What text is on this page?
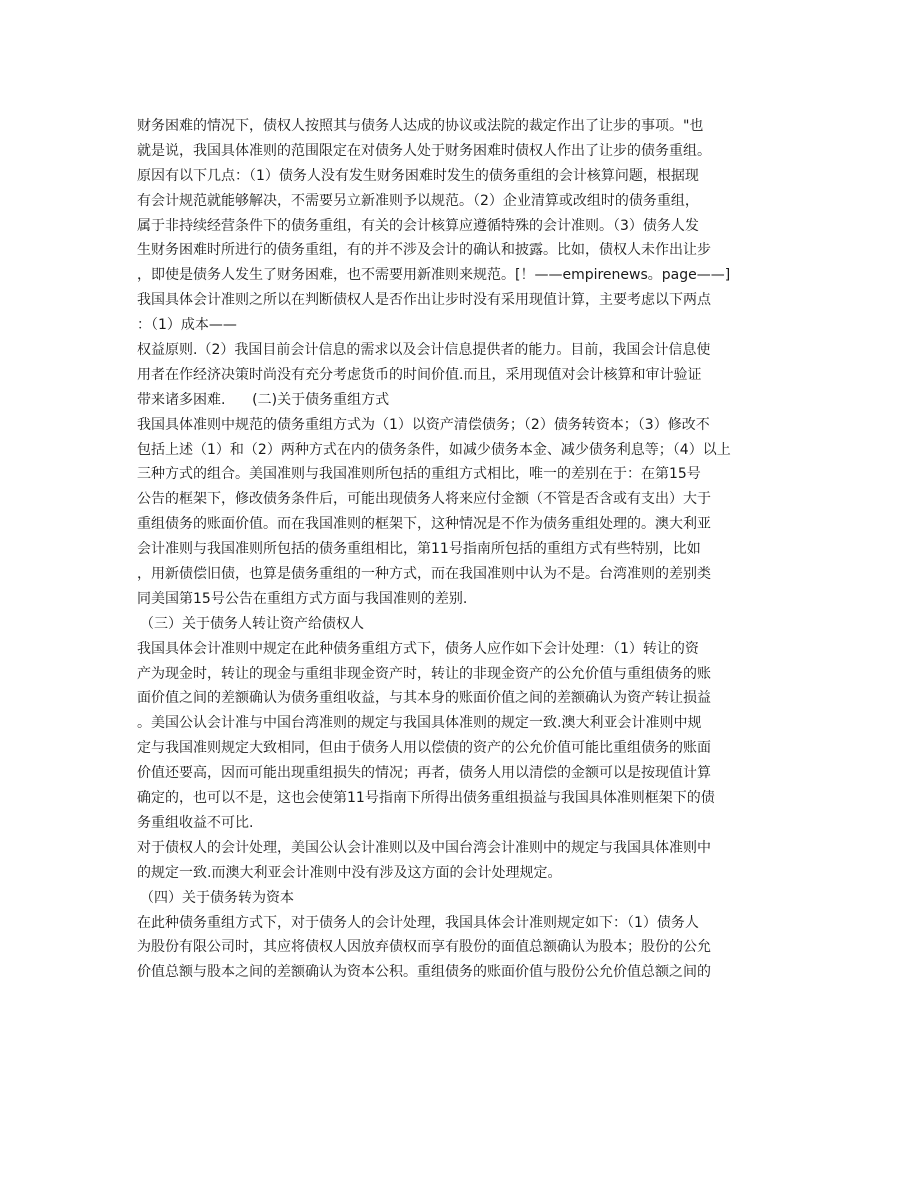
财务困难的情况下，债权人按照其与债务人达成的协议或法院的裁定作出了让步的事项。"也
就是说，我国具体准则的范围限定在对债务人处于财务困难时债权人作出了让步的债务重组。
原因有以下几点：（1）债务人没有发生财务困难时发生的债务重组的会计核算问题，根据现
有会计规范就能够解决，不需要另立新准则予以规范。（2）企业清算或改组时的债务重组，
属于非持续经营条件下的债务重组，有关的会计核算应遵循特殊的会计准则。（3）债务人发
生财务困难时所进行的债务重组，有的并不涉及会计的确认和披露。比如，债权人未作出让步
，即使是债务人发生了财务困难，也不需要用新准则来规范。[！——empirenews。page——]
我国具体会计准则之所以在判断债权人是否作出让步时没有采用现值计算，主要考虑以下两点
：（1）成本——
权益原则.（2）我国目前会计信息的需求以及会计信息提供者的能力。目前，我国会计信息使
用者在作经济决策时尚没有充分考虑货币的时间价值.而且，采用现值对会计核算和审计验证
带来诸多困难.      (二)关于债务重组方式
我国具体准则中规范的债务重组方式为（1）以资产清偿债务；（2）债务转资本；（3）修改不
包括上述（1）和（2）两种方式在内的债务条件，如减少债务本金、减少债务利息等；（4）以上
三种方式的组合。美国准则与我国准则所包括的重组方式相比，唯一的差别在于：在第15号
公告的框架下，修改债务条件后，可能出现债务人将来应付金额（不管是否含或有支出）大于
重组债务的账面价值。而在我国准则的框架下，这种情况是不作为债务重组处理的。澳大利亚
会计准则与我国准则所包括的债务重组相比，第11号指南所包括的重组方式有些特别，比如
，用新债偿旧债，也算是债务重组的一种方式，而在我国准则中认为不是。台湾准则的差别类
同美国第15号公告在重组方式方面与我国准则的差别.
（三）关于债务人转让资产给债权人
我国具体会计准则中规定在此种债务重组方式下，债务人应作如下会计处理：（1）转让的资
产为现金时，转让的现金与重组非现金资产时，转让的非现金资产的公允价值与重组债务的账
面价值之间的差额确认为债务重组收益，与其本身的账面价值之间的差额确认为资产转让损益
。美国公认会计准与中国台湾准则的规定与我国具体准则的规定一致.澳大利亚会计准则中规
定与我国准则规定大致相同，但由于债务人用以偿债的资产的公允价值可能比重组债务的账面
价值还要高，因而可能出现重组损失的情况；再者，债务人用以清偿的金额可以是按现值计算
确定的，也可以不是，这也会使第11号指南下所得出债务重组损益与我国具体准则框架下的债
务重组收益不可比.
对于债权人的会计处理，美国公认会计准则以及中国台湾会计准则中的规定与我国具体准则中
的规定一致.而澳大利亚会计准则中没有涉及这方面的会计处理规定。
（四）关于债务转为资本
在此种债务重组方式下，对于债务人的会计处理，我国具体会计准则规定如下：（1）债务人
为股份有限公司时，其应将债权人因放弃债权而享有股份的面值总额确认为股本；股份的公允
价值总额与股本之间的差额确认为资本公积。重组债务的账面价值与股份公允价值总额之间的
